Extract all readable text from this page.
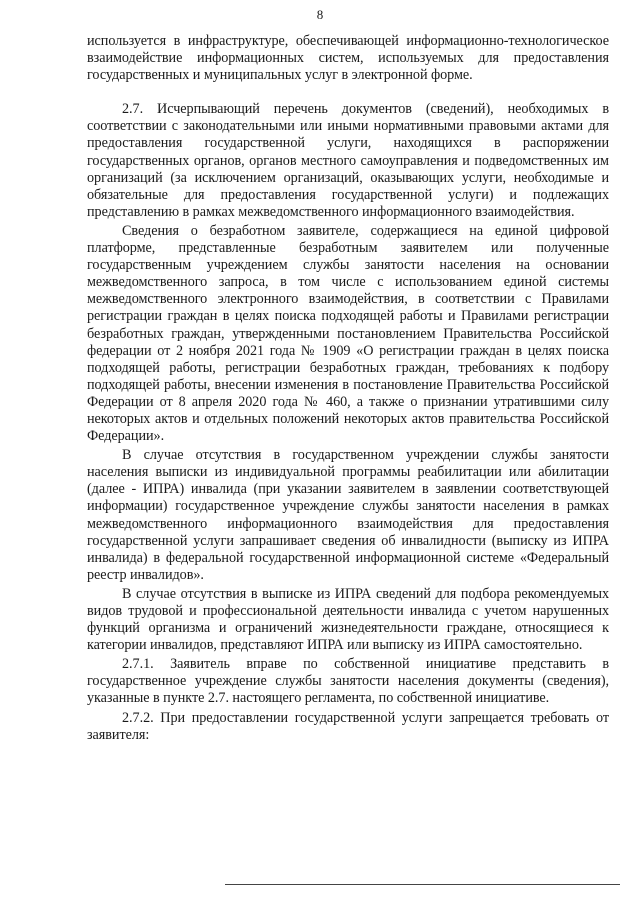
8

используется в инфраструктуре, обеспечивающей информационно-технологическое взаимодействие информационных систем, используемых для предоставления государственных и муниципальных услуг в электронной форме.

2.7. Исчерпывающий перечень документов (сведений), необходимых в соответствии с законодательными или иными нормативными правовыми актами для предоставления государственной услуги, находящихся в распоряжении государственных органов, органов местного самоуправления и подведомственных им организаций (за исключением организаций, оказывающих услуги, необходимые и обязательные для предоставления государственной услуги) и подлежащих представлению в рамках межведомственного информационного взаимодействия.

Сведения о безработном заявителе, содержащиеся на единой цифровой платформе, представленные безработным заявителем или полученные государственным учреждением службы занятости населения на основании межведомственного запроса, в том числе с использованием единой системы межведомственного электронного взаимодействия, в соответствии с Правилами регистрации граждан в целях поиска подходящей работы и Правилами регистрации безработных граждан, утвержденными постановлением Правительства Российской федерации от 2 ноября 2021 года № 1909 «О регистрации граждан в целях поиска подходящей работы, регистрации безработных граждан, требованиях к подбору подходящей работы, внесении изменения в постановление Правительства Российской Федерации от 8 апреля 2020 года № 460, а также о признании утратившими силу некоторых актов и отдельных положений некоторых актов правительства Российской Федерации».

В случае отсутствия в государственном учреждении службы занятости населения выписки из индивидуальной программы реабилитации или абилитации (далее - ИПРА) инвалида (при указании заявителем в заявлении соответствующей информации) государственное учреждение службы занятости населения в рамках межведомственного информационного взаимодействия для предоставления государственной услуги запрашивает сведения об инвалидности (выписку из ИПРА инвалида) в федеральной государственной информационной системе «Федеральный реестр инвалидов».

В случае отсутствия в выписке из ИПРА сведений для подбора рекомендуемых видов трудовой и профессиональной деятельности инвалида с учетом нарушенных функций организма и ограничений жизнедеятельности граждане, относящиеся к категории инвалидов, представляют ИПРА или выписку из ИПРА самостоятельно.

2.7.1. Заявитель вправе по собственной инициативе представить в государственное учреждение службы занятости населения документы (сведения), указанные в пункте 2.7. настоящего регламента, по собственной инициативе.

2.7.2. При предоставлении государственной услуги запрещается требовать от заявителя:
